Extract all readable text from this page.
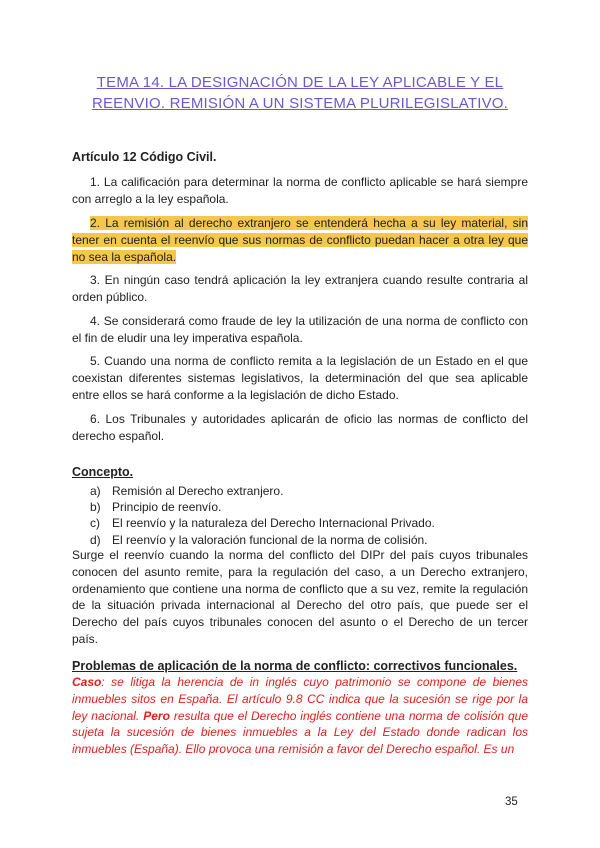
TEMA 14. LA DESIGNACIÓN DE LA LEY APLICABLE Y EL
REENVIO. REMISIÓN A UN SISTEMA PLURILEGISLATIVO.
Artículo 12 Código Civil.
1. La calificación para determinar la norma de conflicto aplicable se hará siempre con arreglo a la ley española.
2. La remisión al derecho extranjero se entenderá hecha a su ley material, sin tener en cuenta el reenvío que sus normas de conflicto puedan hacer a otra ley que no sea la española.
3. En ningún caso tendrá aplicación la ley extranjera cuando resulte contraria al orden público.
4. Se considerará como fraude de ley la utilización de una norma de conflicto con el fin de eludir una ley imperativa española.
5. Cuando una norma de conflicto remita a la legislación de un Estado en el que coexistan diferentes sistemas legislativos, la determinación del que sea aplicable entre ellos se hará conforme a la legislación de dicho Estado.
6. Los Tribunales y autoridades aplicarán de oficio las normas de conflicto del derecho español.
Concepto.
a) Remisión al Derecho extranjero.
b) Principio de reenvío.
c) El reenvío y la naturaleza del Derecho Internacional Privado.
d) El reenvío y la valoración funcional de la norma de colisión.
Surge el reenvío cuando la norma del conflicto del DIPr del país cuyos tribunales conocen del asunto remite, para la regulación del caso, a un Derecho extranjero, ordenamiento que contiene una norma de conflicto que a su vez, remite la regulación de la situación privada internacional al Derecho del otro país, que puede ser el Derecho del país cuyos tribunales conocen del asunto o el Derecho de un tercer país.
Problemas de aplicación de la norma de conflicto: correctivos funcionales.
Caso: se litiga la herencia de in inglés cuyo patrimonio se compone de bienes inmuebles sitos en España. El artículo 9.8 CC indica que la sucesión se rige por la ley nacional. Pero resulta que el Derecho inglés contiene una norma de colisión que sujeta la sucesión de bienes inmuebles a la Ley del Estado donde radican los inmuebles (España). Ello provoca una remisión a favor del Derecho español. Es un
35
